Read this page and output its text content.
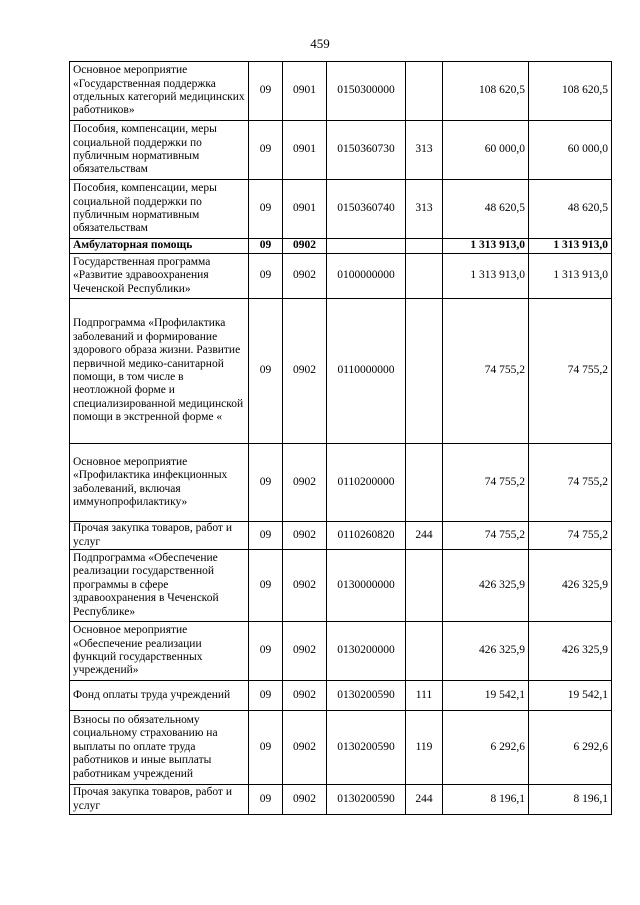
459
Основное мероприятие «Государственная поддержка отдельных категорий медицинских работников»	09	0901	0150300000		108 620,5	108 620,5
Пособия, компенсации, меры социальной поддержки по публичным нормативным обязательствам	09	0901	0150360730	313	60 000,0	60 000,0
Пособия, компенсации, меры социальной поддержки по публичным нормативным обязательствам	09	0901	0150360740	313	48 620,5	48 620,5
Амбулаторная помощь	09	0902			1 313 913,0	1 313 913,0
Государственная программа «Развитие здравоохранения Чеченской Республики»	09	0902	0100000000		1 313 913,0	1 313 913,0
Подпрограмма «Профилактика заболеваний и формирование здорового образа жизни. Развитие первичной медико-санитарной помощи, в том числе в неотложной форме и специализированной медицинской помощи в экстренной форме «	09	0902	0110000000		74 755,2	74 755,2
Основное мероприятие «Профилактика инфекционных заболеваний, включая иммунопрофилактику»	09	0902	0110200000		74 755,2	74 755,2
Прочая закупка товаров, работ и услуг	09	0902	0110260820	244	74 755,2	74 755,2
Подпрограмма «Обеспечение реализации государственной программы в сфере здравоохранения в Чеченской Республике»	09	0902	0130000000		426 325,9	426 325,9
Основное мероприятие «Обеспечение реализации функций государственных учреждений»	09	0902	0130200000		426 325,9	426 325,9
Фонд оплаты труда учреждений	09	0902	0130200590	111	19 542,1	19 542,1
Взносы по обязательному социальному страхованию на выплаты по оплате труда работников и иные выплаты работникам учреждений	09	0902	0130200590	119	6 292,6	6 292,6
Прочая закупка товаров, работ и услуг	09	0902	0130200590	244	8 196,1	8 196,1
